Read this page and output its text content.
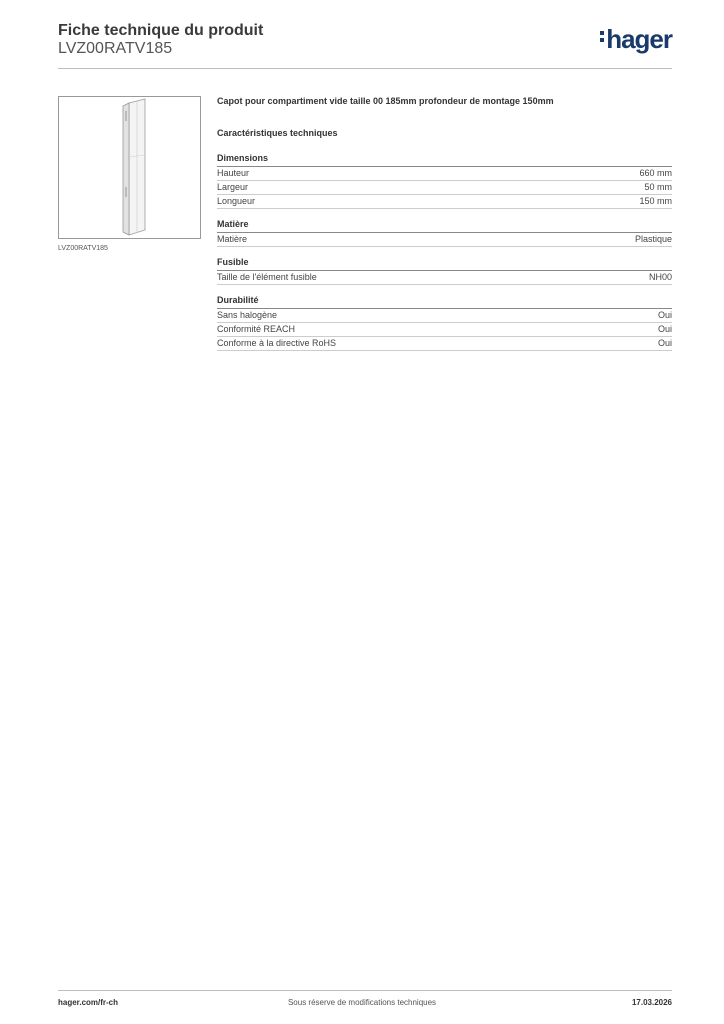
Fiche technique du produit
LVZ00RATV185	hager
LVZ00RATV185

Capot pour compartiment vide taille 00 185mm profondeur de montage 150mm

Caractéristiques techniques
Dimensions
Hauteur	660 mm
Largeur	50 mm
Longueur	150 mm
Matière
Matière	Plastique
Fusible
Taille de l'élément fusible	NH00
Durabilité
Sans halogène	Oui
Conformité REACH	Oui
Conforme à la directive RoHS	Oui
hager.com/fr-ch	Sous réserve de modifications techniques	17.03.2026
